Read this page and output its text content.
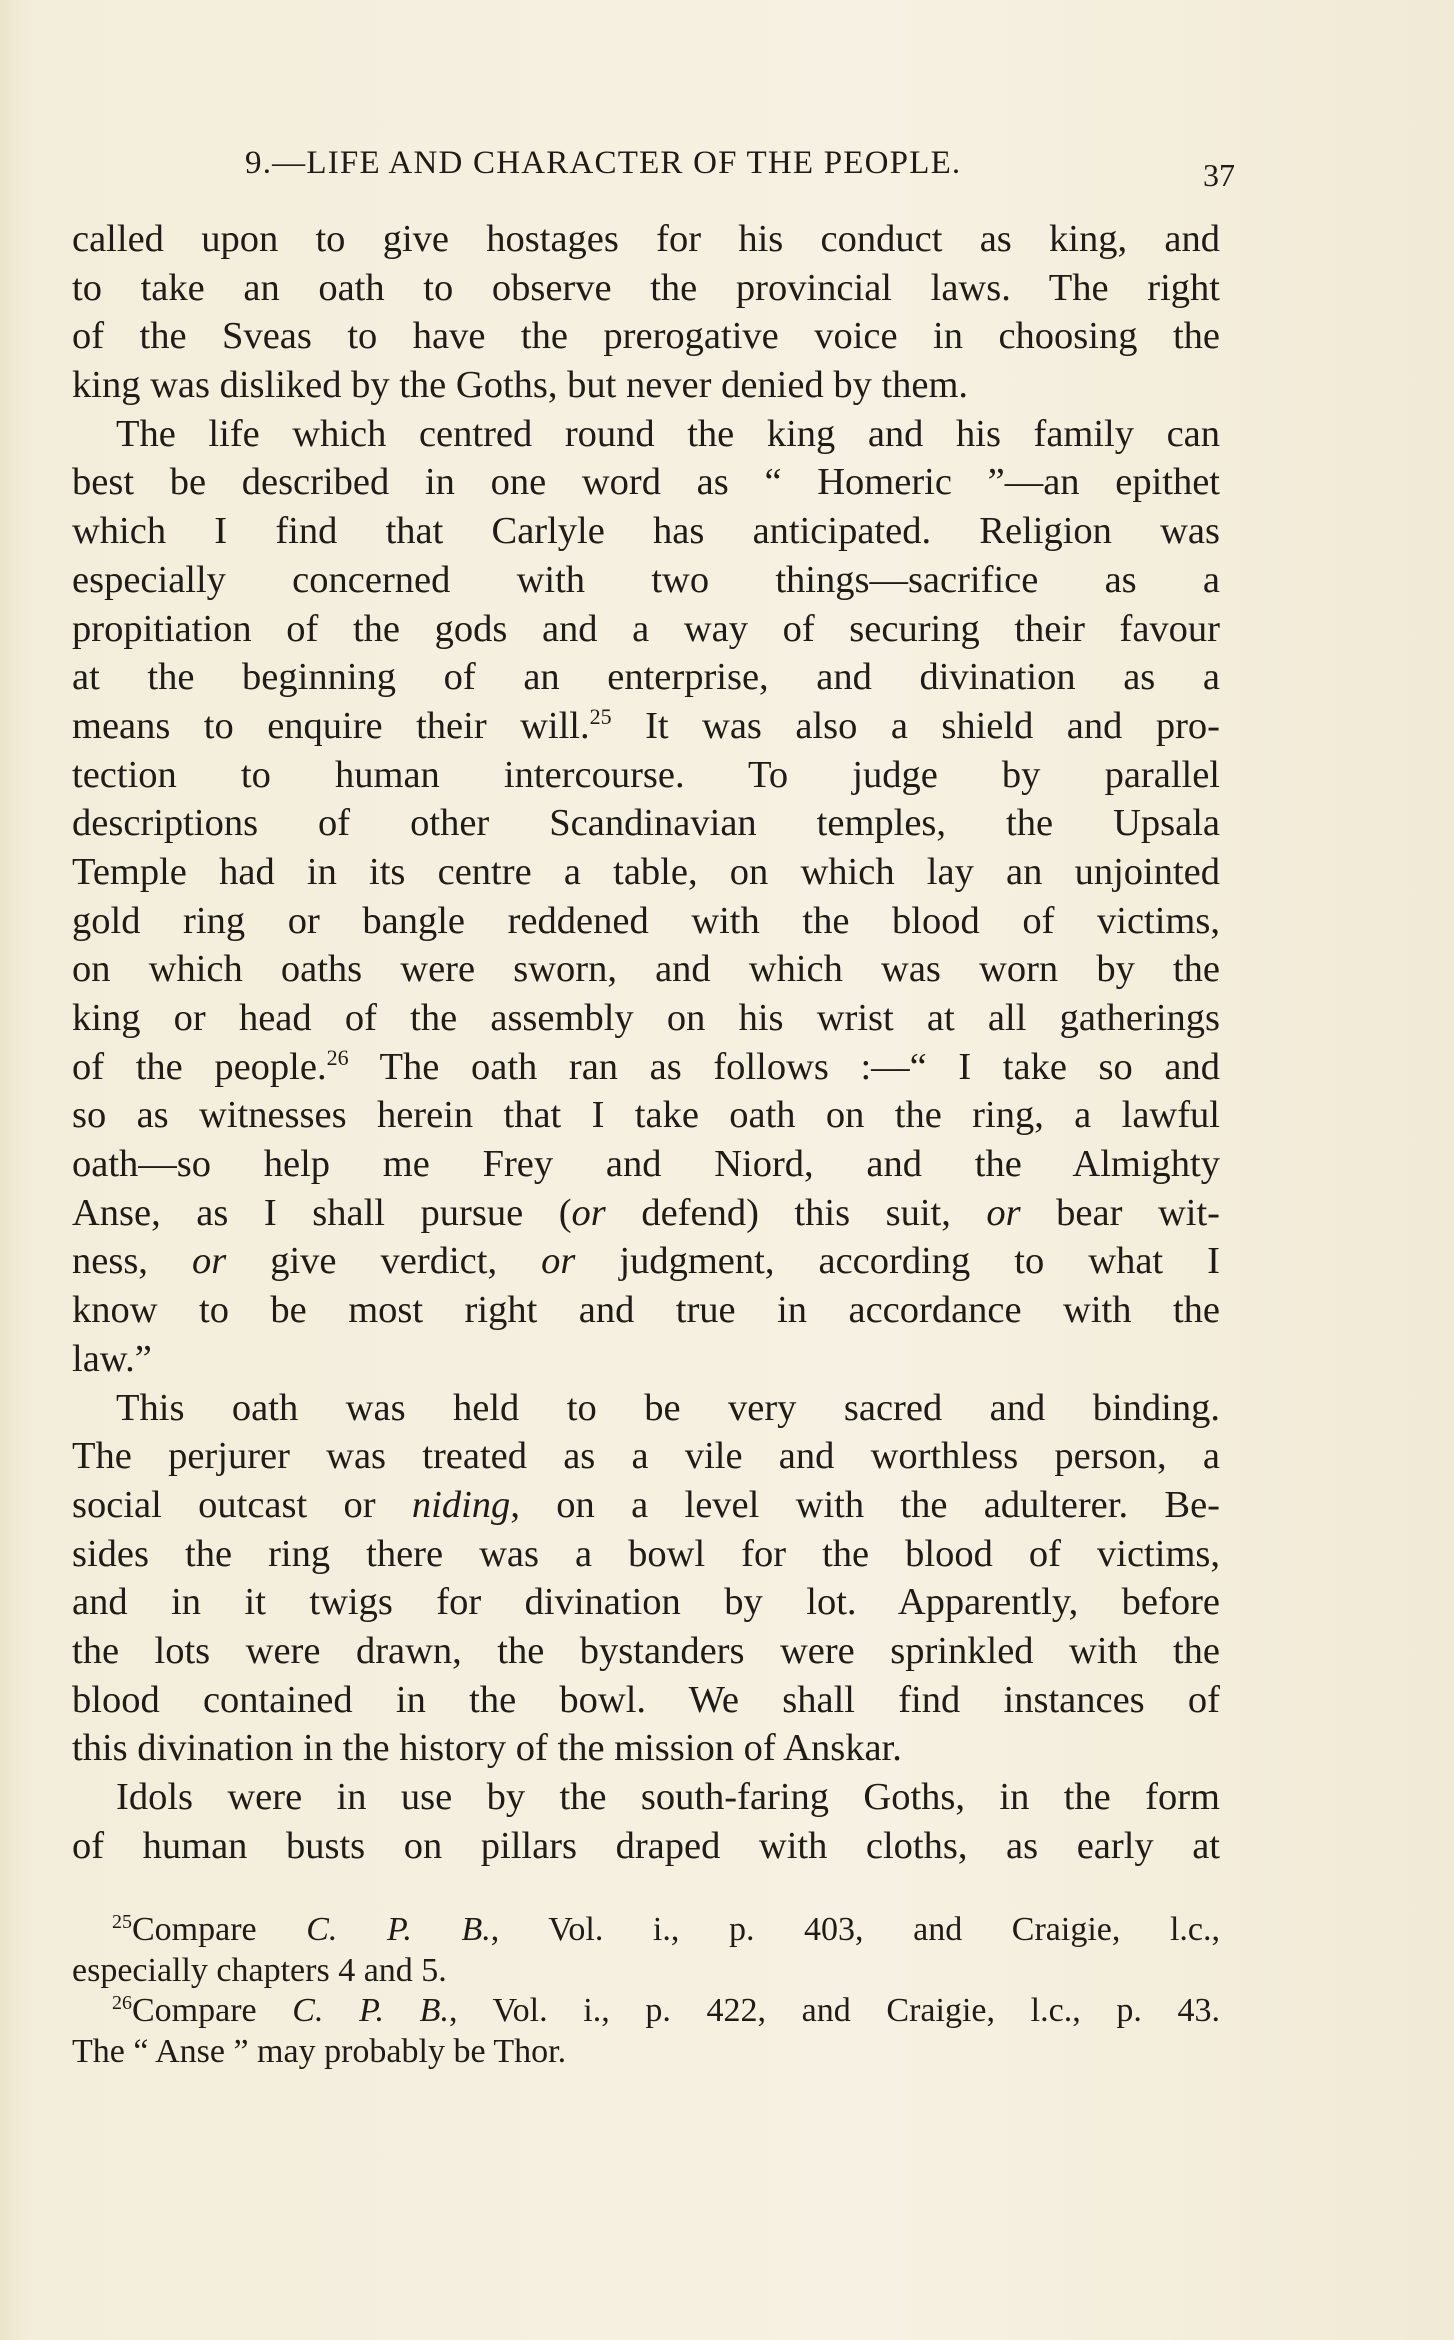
9.—LIFE AND CHARACTER OF THE PEOPLE.	37
called upon to give hostages for his conduct as king, and
to take an oath to observe the provincial laws. The right
of the Sveas to have the prerogative voice in choosing the
king was disliked by the Goths, but never denied by them.
The life which centred round the king and his family can
best be described in one word as “ Homeric ”—an epithet
which I find that Carlyle has anticipated. Religion was
especially concerned with two things—sacrifice as a
propitiation of the gods and a way of securing their favour
at the beginning of an enterprise, and divination as a
means to enquire their will.$^{25}$ It was also a shield and pro-
tection to human intercourse. To judge by parallel
descriptions of other Scandinavian temples, the Upsala
Temple had in its centre a table, on which lay an unjointed
gold ring or bangle reddened with the blood of victims,
on which oaths were sworn, and which was worn by the
king or head of the assembly on his wrist at all gatherings
of the people.$^{26}$ The oath ran as follows :—“ I take so and
so as witnesses herein that I take oath on the ring, a lawful
oath—so help me Frey and Niord, and the Almighty
Anse, as I shall pursue (or defend) this suit, or bear wit-
ness, or give verdict, or judgment, according to what I
know to be most right and true in accordance with the
law.”
This oath was held to be very sacred and binding.
The perjurer was treated as a vile and worthless person, a
social outcast or niding, on a level with the adulterer. Be-
sides the ring there was a bowl for the blood of victims,
and in it twigs for divination by lot. Apparently, before
the lots were drawn, the bystanders were sprinkled with the
blood contained in the bowl. We shall find instances of
this divination in the history of the mission of Anskar.
Idols were in use by the south-faring Goths, in the form
of human busts on pillars draped with cloths, as early at
$^{25}$Compare C. P. B., Vol. i., p. 403, and Craigie, l.c.,
especially chapters 4 and 5.
$^{26}$Compare C. P. B., Vol. i., p. 422, and Craigie, l.c., p. 43.
The “ Anse ” may probably be Thor.
